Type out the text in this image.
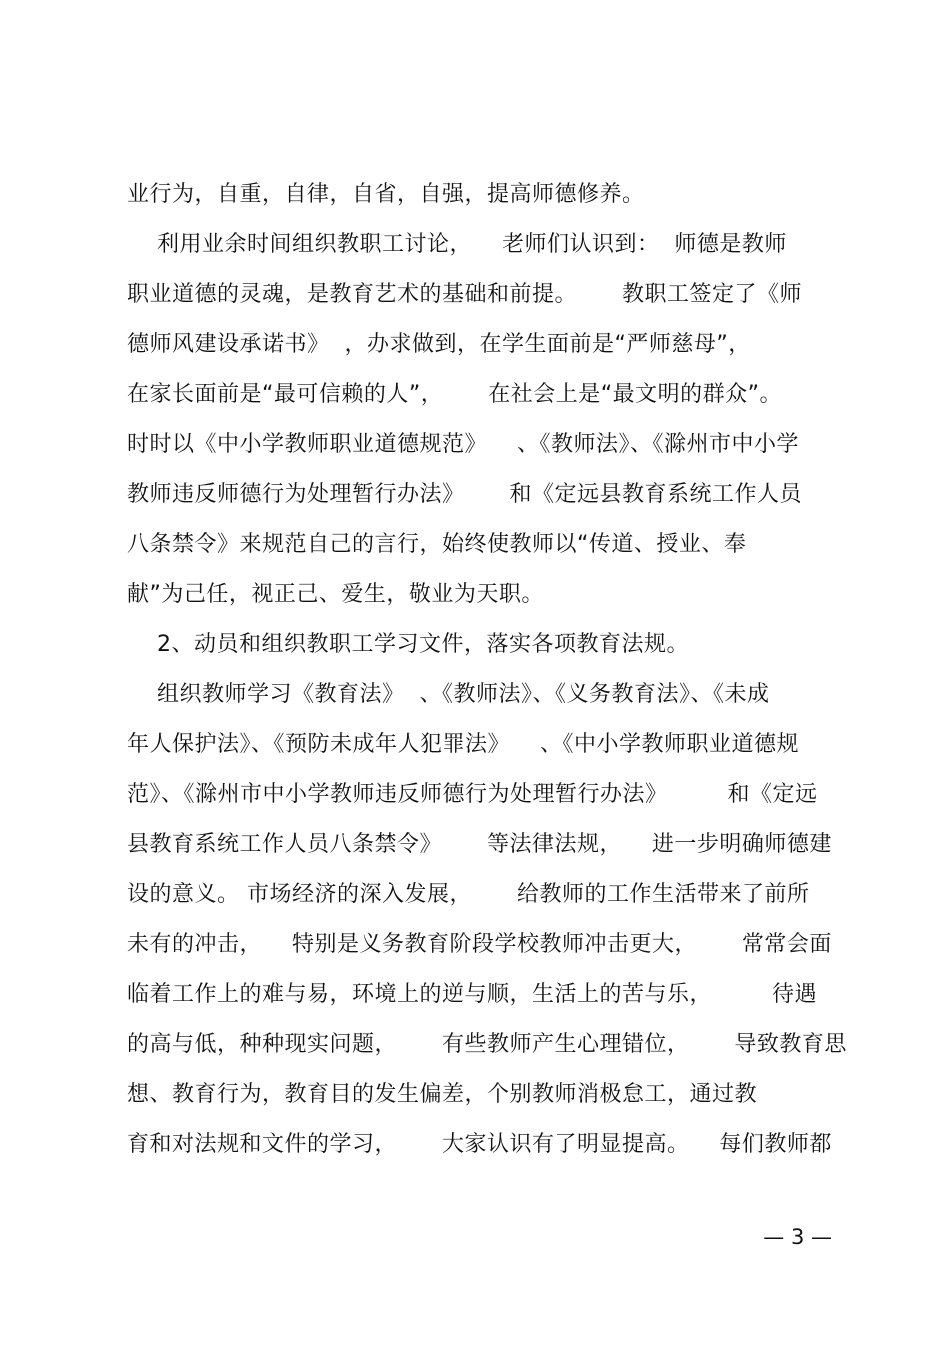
业行为，自重，自律，自省，自强，提高师德修养。
利用业余时间组织教职工讨论，    老师们认识到：  师德是教师
职业道德的灵魂，是教育艺术的基础和前提。      教职工签定了《师
德师风建设承诺书》  ，办求做到，在学生面前是“严师慈母”，
在家长面前是“最可信赖的人”，      在社会上是“最文明的群众”。
时时以《中小学教师职业道德规范》    、《教师法》、《滁州市中小学
教师违反师德行为处理暂行办法》      和《定远县教育系统工作人员
八条禁令》来规范自己的言行，始终使教师以“传道、授业、奉
献”为己任，视正己、爱生，敬业为天职。
2、动员和组织教职工学习文件，落实各项教育法规。
组织教师学习《教育法》  、《教师法》、《义务教育法》、《未成
年人保护法》、《预防未成年人犯罪法》    、《中小学教师职业道德规
范》、《滁州市中小学教师违反师德行为处理暂行办法》        和《定远
县教育系统工作人员八条禁令》      等法律法规，    进一步明确师德建
设的意义。 市场经济的深入发展，      给教师的工作生活带来了前所
未有的冲击，    特别是义务教育阶段学校教师冲击更大，      常常会面
临着工作上的难与易，环境上的逆与顺，生活上的苦与乐，        待遇
的高与低，种种现实问题，      有些教师产生心理错位，      导致教育思
想、教育行为，教育目的发生偏差，个别教师消极怠工，通过教
育和对法规和文件的学习，      大家认识有了明显提高。    每们教师都
— 3 —
